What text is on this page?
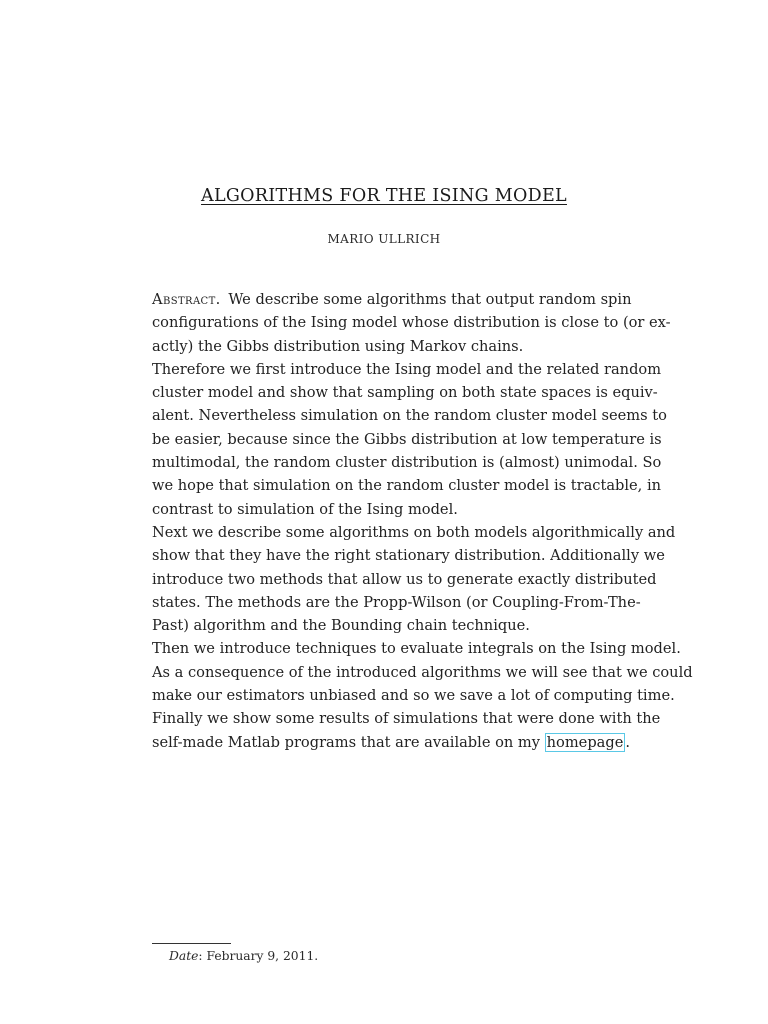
ALGORITHMS FOR THE ISING MODEL
MARIO ULLRICH
Abstract. We describe some algorithms that output random spin
configurations of the Ising model whose distribution is close to (or ex-
actly) the Gibbs distribution using Markov chains.
Therefore we first introduce the Ising model and the related random
cluster model and show that sampling on both state spaces is equiv-
alent. Nevertheless simulation on the random cluster model seems to
be easier, because since the Gibbs distribution at low temperature is
multimodal, the random cluster distribution is (almost) unimodal. So
we hope that simulation on the random cluster model is tractable, in
contrast to simulation of the Ising model.
Next we describe some algorithms on both models algorithmically and
show that they have the right stationary distribution. Additionally we
introduce two methods that allow us to generate exactly distributed
states. The methods are the Propp-Wilson (or Coupling-From-The-
Past) algorithm and the Bounding chain technique.
Then we introduce techniques to evaluate integrals on the Ising model.
As a consequence of the introduced algorithms we will see that we could
make our estimators unbiased and so we save a lot of computing time.
Finally we show some results of simulations that were done with the
self-made Matlab programs that are available on my homepage .
Date: February 9, 2011.
